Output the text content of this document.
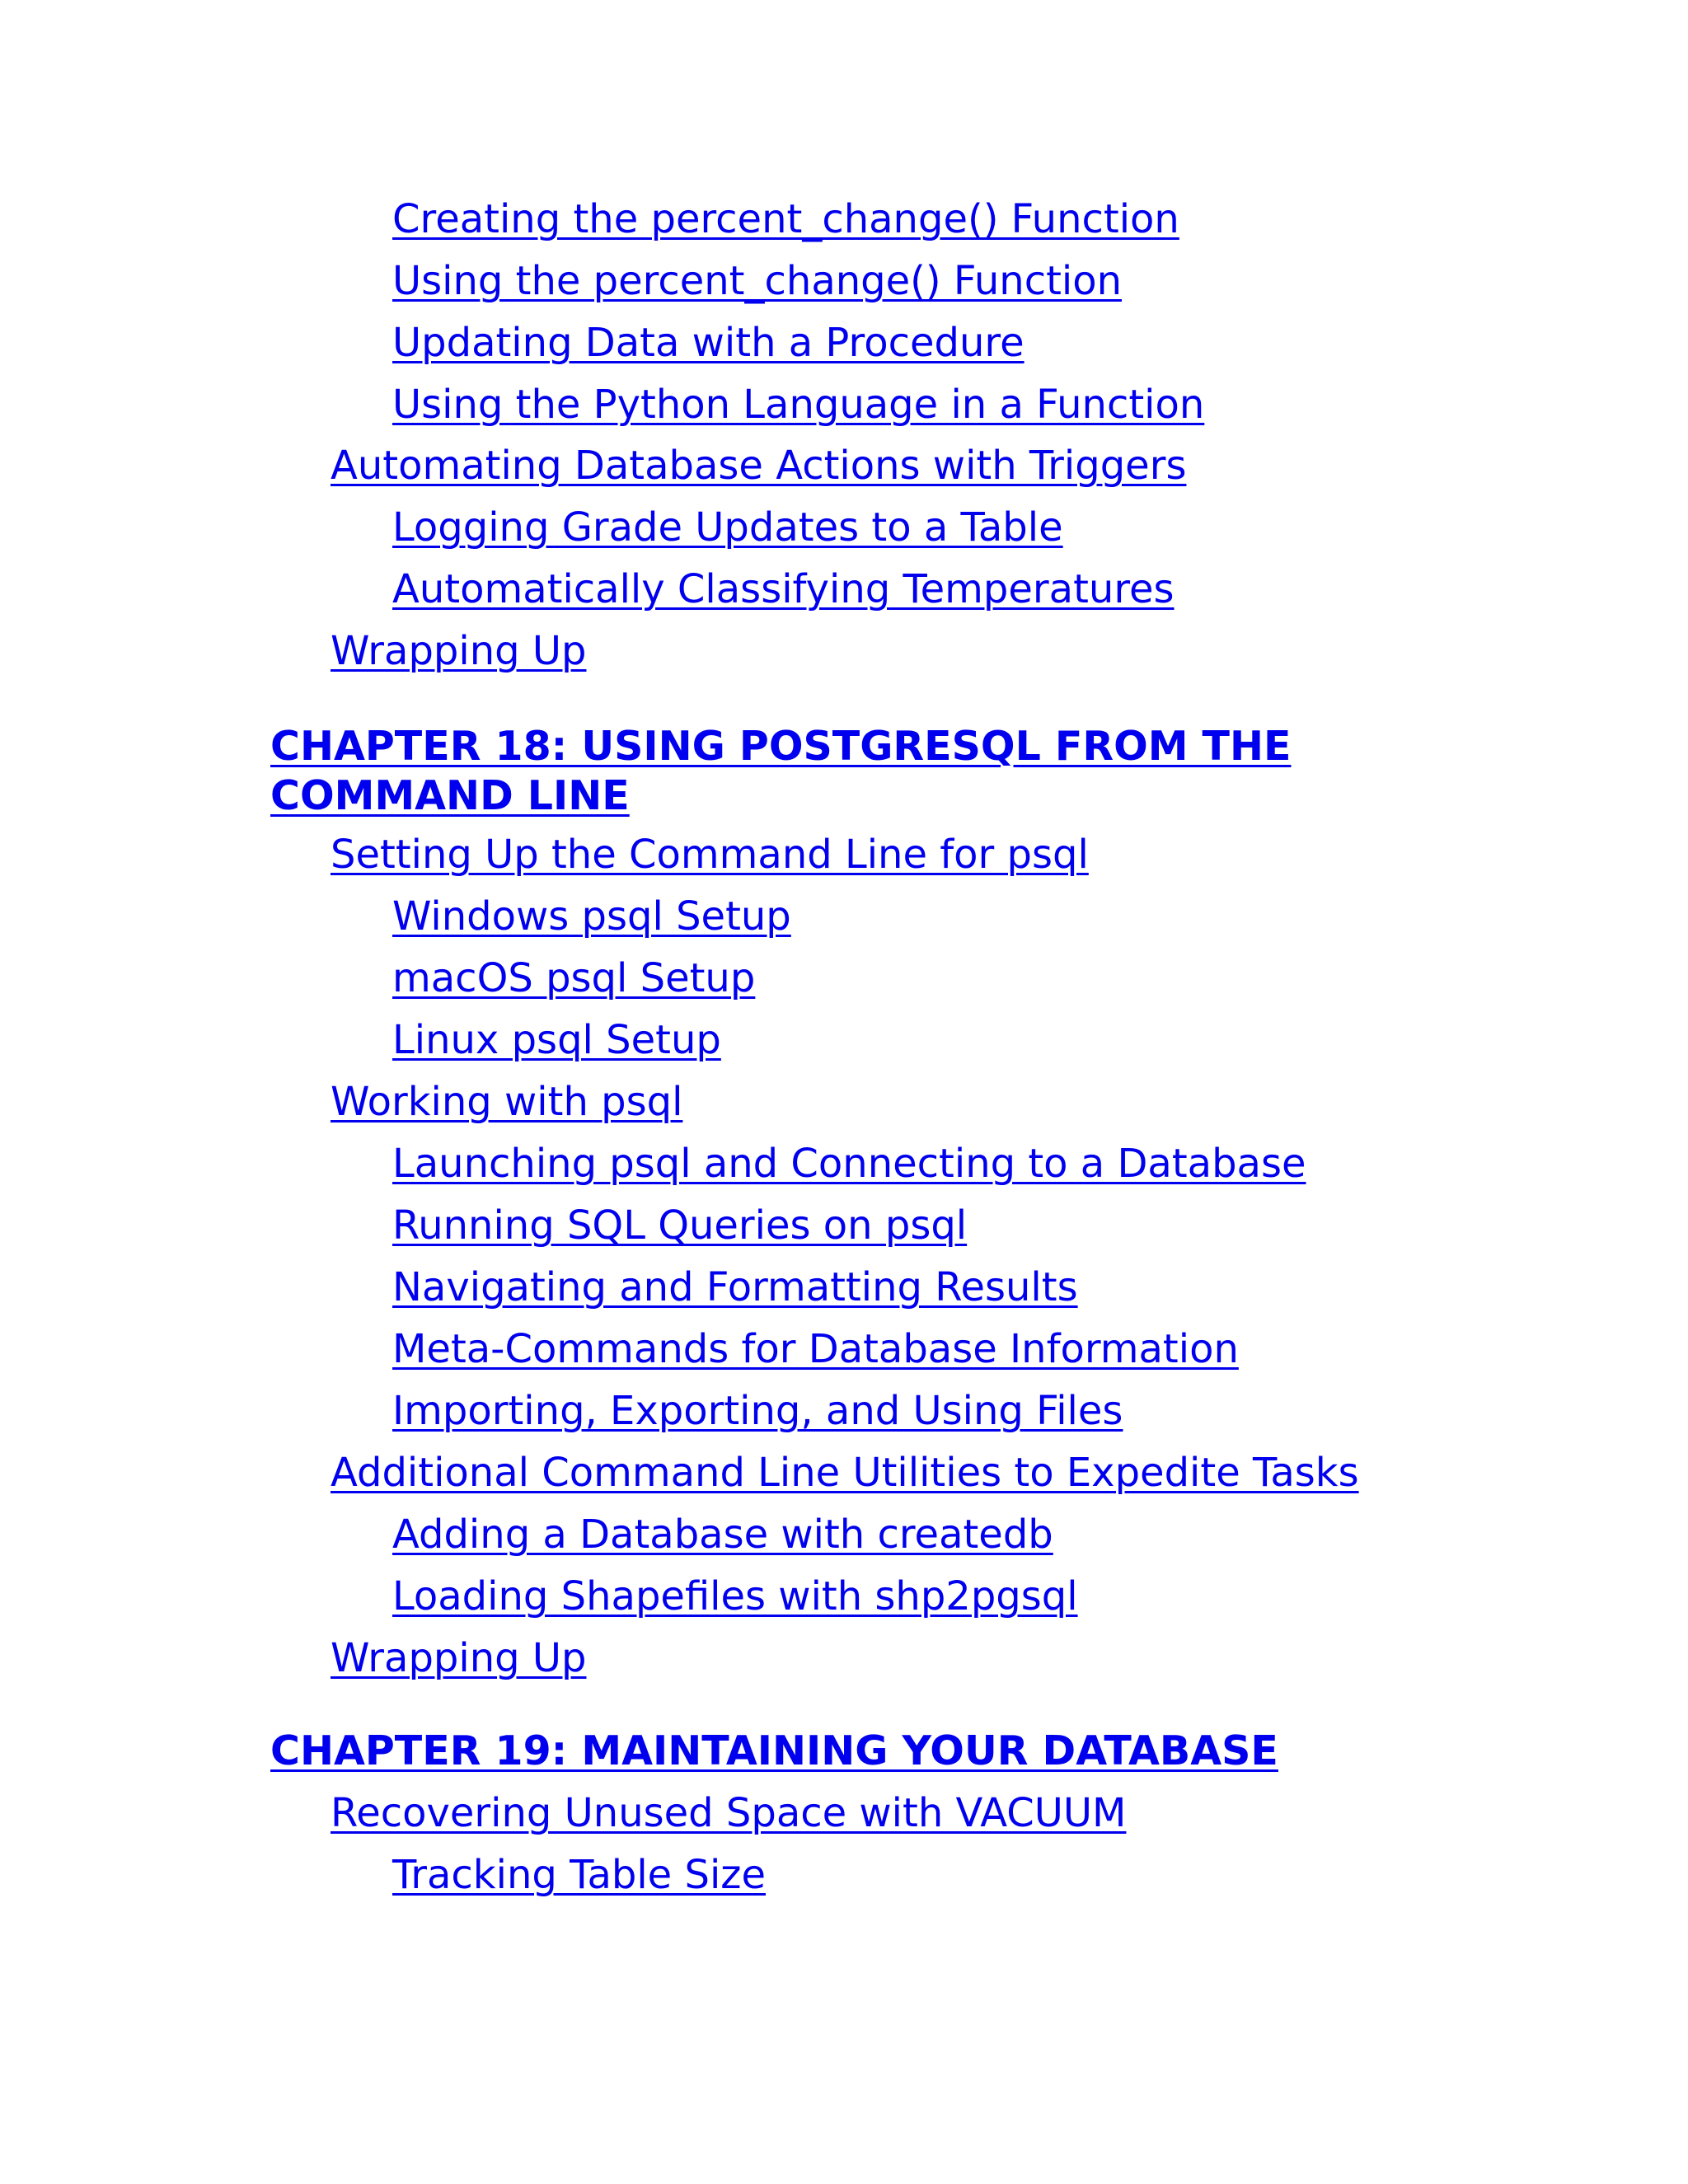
Creating the percent_change() Function
Using the percent_change() Function
Updating Data with a Procedure
Using the Python Language in a Function
Automating Database Actions with Triggers
Logging Grade Updates to a Table
Automatically Classifying Temperatures
Wrapping Up
CHAPTER 18: USING POSTGRESQL FROM THE COMMAND LINE
Setting Up the Command Line for psql
Windows psql Setup
macOS psql Setup
Linux psql Setup
Working with psql
Launching psql and Connecting to a Database
Running SQL Queries on psql
Navigating and Formatting Results
Meta-Commands for Database Information
Importing, Exporting, and Using Files
Additional Command Line Utilities to Expedite Tasks
Adding a Database with createdb
Loading Shapefiles with shp2pgsql
Wrapping Up
CHAPTER 19: MAINTAINING YOUR DATABASE
Recovering Unused Space with VACUUM
Tracking Table Size
